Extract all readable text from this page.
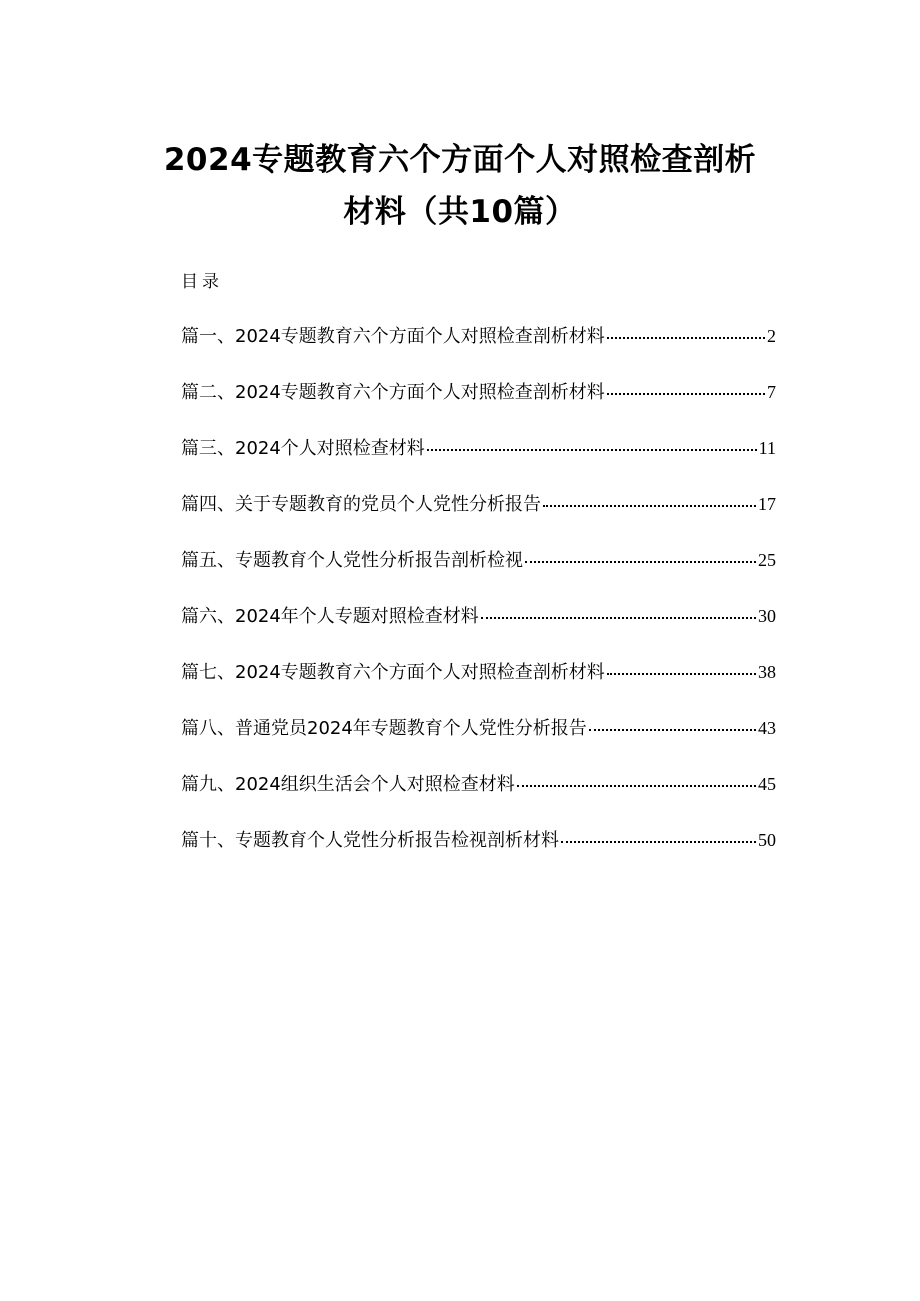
2024专题教育六个方面个人对照检查剖析
材料（共10篇）
目录
篇一、2024专题教育六个方面个人对照检查剖析材料	2
篇二、2024专题教育六个方面个人对照检查剖析材料	7
篇三、2024个人对照检查材料	11
篇四、关于专题教育的党员个人党性分析报告	17
篇五、专题教育个人党性分析报告剖析检视	25
篇六、2024年个人专题对照检查材料	30
篇七、2024专题教育六个方面个人对照检查剖析材料	38
篇八、普通党员2024年专题教育个人党性分析报告	43
篇九、2024组织生活会个人对照检查材料	45
篇十、专题教育个人党性分析报告检视剖析材料	50
